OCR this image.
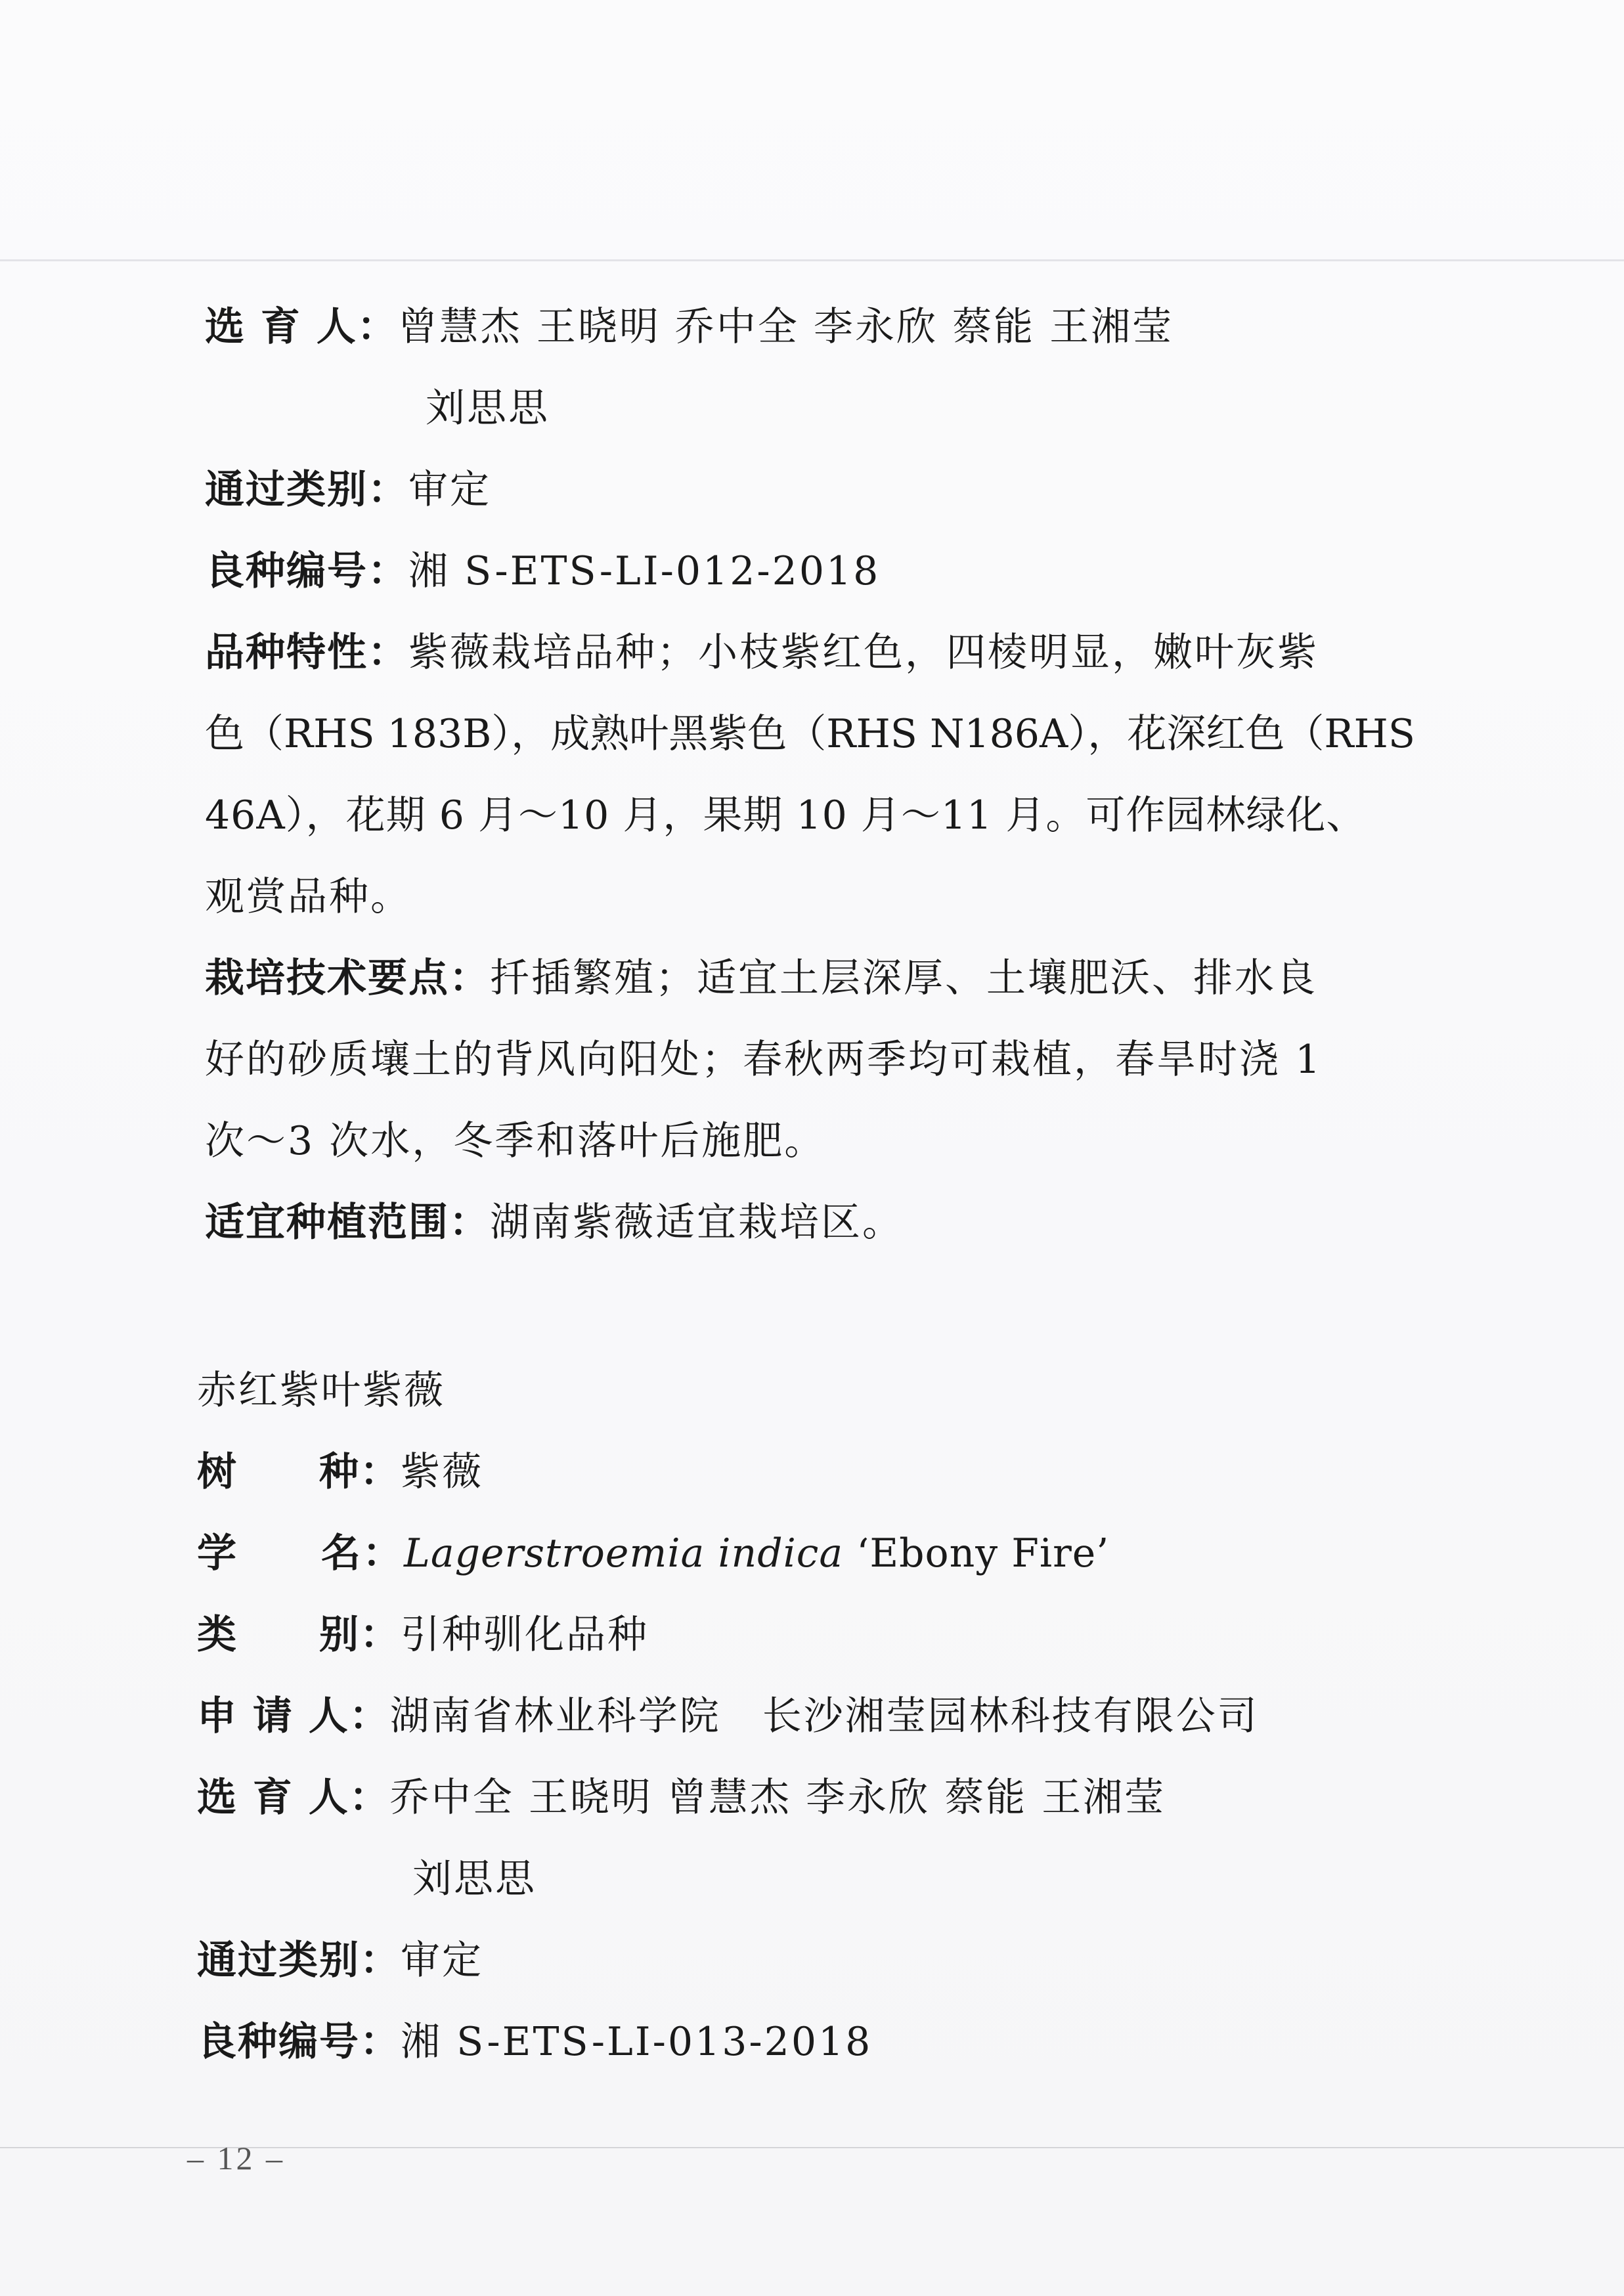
选 育 人：曾慧杰 王晓明 乔中全 李永欣 蔡能 王湘莹
刘思思
通过类别：审定
良种编号：湘 S-ETS-LI-012-2018
品种特性：紫薇栽培品种；小枝紫红色，四棱明显，嫩叶灰紫
色（RHS 183B），成熟叶黑紫色（RHS N186A），花深红色（RHS
46A），花期 6 月～10 月，果期 10 月～11 月。可作园林绿化、
观赏品种。
栽培技术要点：扦插繁殖；适宜土层深厚、土壤肥沃、排水良
好的砂质壤土的背风向阳处；春秋两季均可栽植，春旱时浇 1
次～3 次水，冬季和落叶后施肥。
适宜种植范围：湖南紫薇适宜栽培区。
赤红紫叶紫薇
树　　种：紫薇
学　　名：Lagerstroemia indica ‘Ebony Fire’
类　　别：引种驯化品种
申 请 人：湖南省林业科学院　长沙湘莹园林科技有限公司
选 育 人：乔中全 王晓明 曾慧杰 李永欣 蔡能 王湘莹
刘思思
通过类别：审定
良种编号：湘 S-ETS-LI-013-2018
– 12 –
